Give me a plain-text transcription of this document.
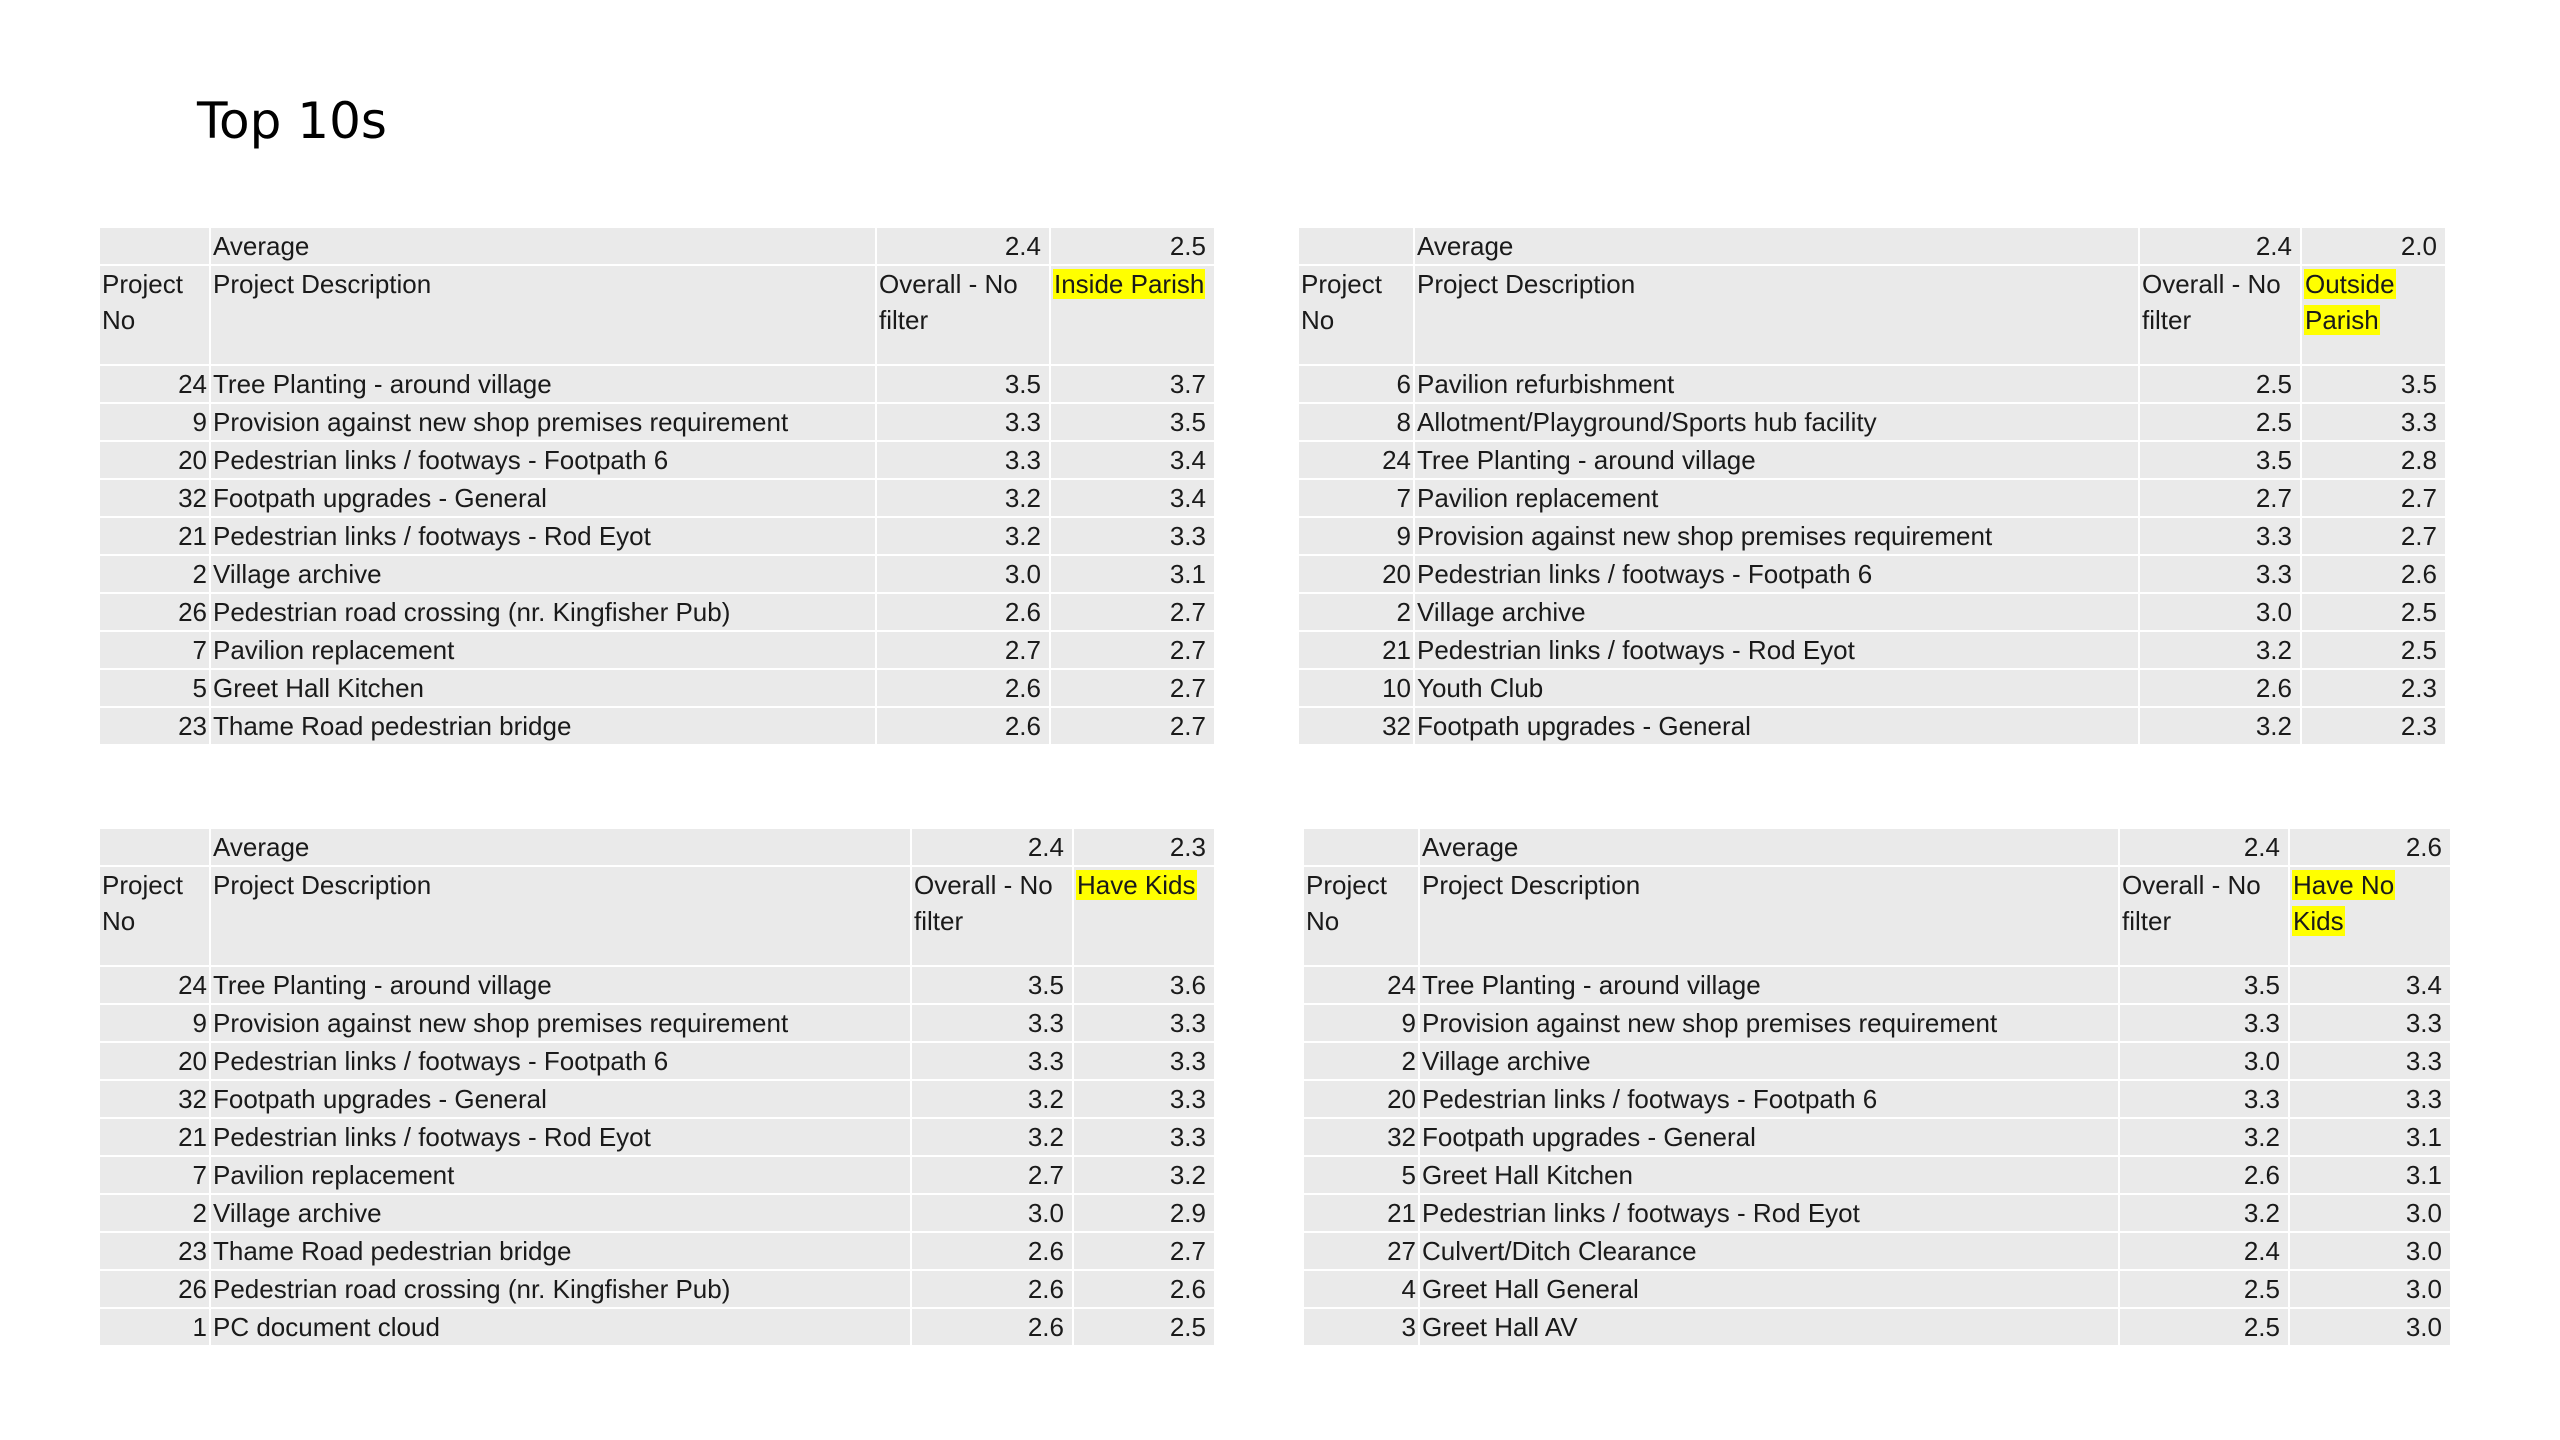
Top 10s
	Average	2.4	2.5
Project No	Project Description	Overall - No filter	Inside Parish
24	Tree Planting - around village	3.5	3.7
9	Provision against new shop premises requirement	3.3	3.5
20	Pedestrian links / footways - Footpath 6	3.3	3.4
32	Footpath upgrades - General	3.2	3.4
21	Pedestrian links / footways - Rod Eyot	3.2	3.3
2	Village archive	3.0	3.1
26	Pedestrian road crossing (nr. Kingfisher Pub)	2.6	2.7
7	Pavilion replacement	2.7	2.7
5	Greet Hall Kitchen	2.6	2.7
23	Thame Road pedestrian bridge	2.6	2.7
	Average	2.4	2.0
Project No	Project Description	Overall - No filter	Outside Parish
6	Pavilion refurbishment	2.5	3.5
8	Allotment/Playground/Sports hub facility	2.5	3.3
24	Tree Planting - around village	3.5	2.8
7	Pavilion replacement	2.7	2.7
9	Provision against new shop premises requirement	3.3	2.7
20	Pedestrian links / footways - Footpath 6	3.3	2.6
2	Village archive	3.0	2.5
21	Pedestrian links / footways - Rod Eyot	3.2	2.5
10	Youth Club	2.6	2.3
32	Footpath upgrades - General	3.2	2.3
	Average	2.4	2.3
Project No	Project Description	Overall - No filter	Have Kids
24	Tree Planting - around village	3.5	3.6
9	Provision against new shop premises requirement	3.3	3.3
20	Pedestrian links / footways - Footpath 6	3.3	3.3
32	Footpath upgrades - General	3.2	3.3
21	Pedestrian links / footways - Rod Eyot	3.2	3.3
7	Pavilion replacement	2.7	3.2
2	Village archive	3.0	2.9
23	Thame Road pedestrian bridge	2.6	2.7
26	Pedestrian road crossing (nr. Kingfisher Pub)	2.6	2.6
1	PC document cloud	2.6	2.5
	Average	2.4	2.6
Project No	Project Description	Overall - No filter	Have No Kids
24	Tree Planting - around village	3.5	3.4
9	Provision against new shop premises requirement	3.3	3.3
2	Village archive	3.0	3.3
20	Pedestrian links / footways - Footpath 6	3.3	3.3
32	Footpath upgrades - General	3.2	3.1
5	Greet Hall Kitchen	2.6	3.1
21	Pedestrian links / footways - Rod Eyot	3.2	3.0
27	Culvert/Ditch Clearance	2.4	3.0
4	Greet Hall General	2.5	3.0
3	Greet Hall AV	2.5	3.0
